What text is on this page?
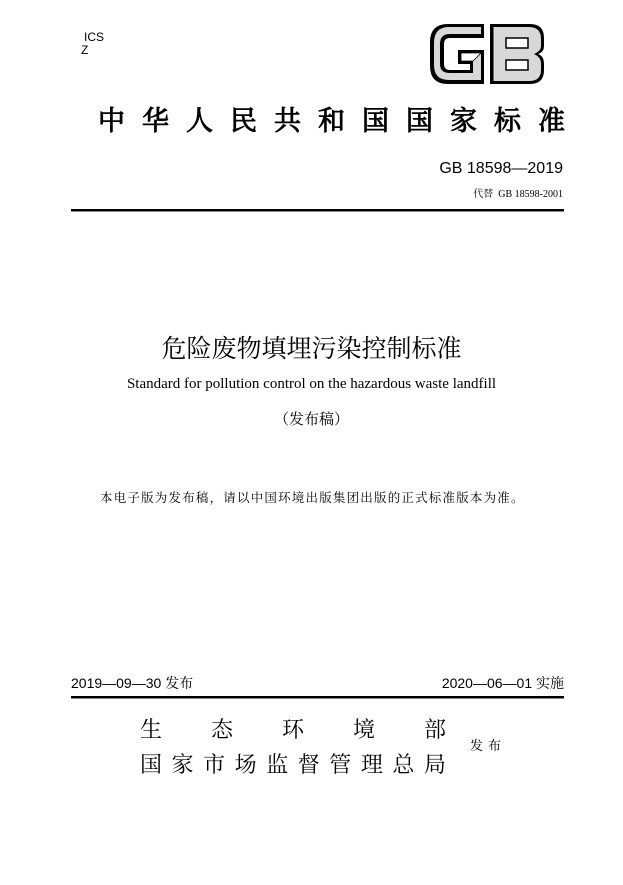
ICS
Z
中华人民共和国国家标准
GB 18598—2019
代替 GB 18598-2001
危险废物填埋污染控制标准
Standard for pollution control on the hazardous waste landfill
（发布稿）
本电子版为发布稿，请以中国环境出版集团出版的正式标准版本为准。
2019—09—30 发布	2020—06—01 实施
生 态 环 境 部
国 家 市 场 监 督 管 理 总 局
发布
